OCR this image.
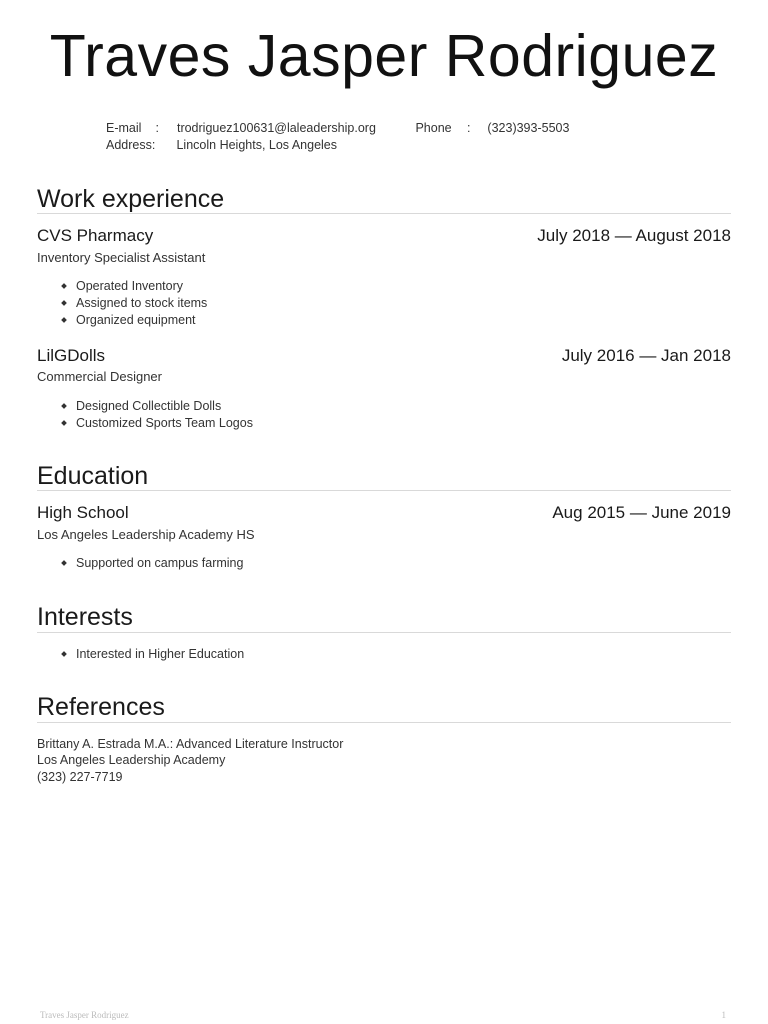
Traves Jasper Rodriguez
E-mail : trodriguez100631@laleadership.org	Phone : (323)393-5503
Address: Lincoln Heights, Los Angeles
Work experience
CVS Pharmacy	July 2018 — August 2018
Inventory Specialist Assistant
Operated Inventory
Assigned to stock items
Organized equipment
LilGDolls	July 2016 — Jan 2018
Commercial Designer
Designed Collectible Dolls
Customized Sports Team Logos
Education
High School	Aug 2015 — June 2019
Los Angeles Leadership Academy HS
Supported on campus farming
Interests
Interested in Higher Education
References
Brittany A. Estrada M.A.: Advanced Literature Instructor
Los Angeles Leadership Academy
(323) 227-7719
Traves Jasper Rodriguez	1
